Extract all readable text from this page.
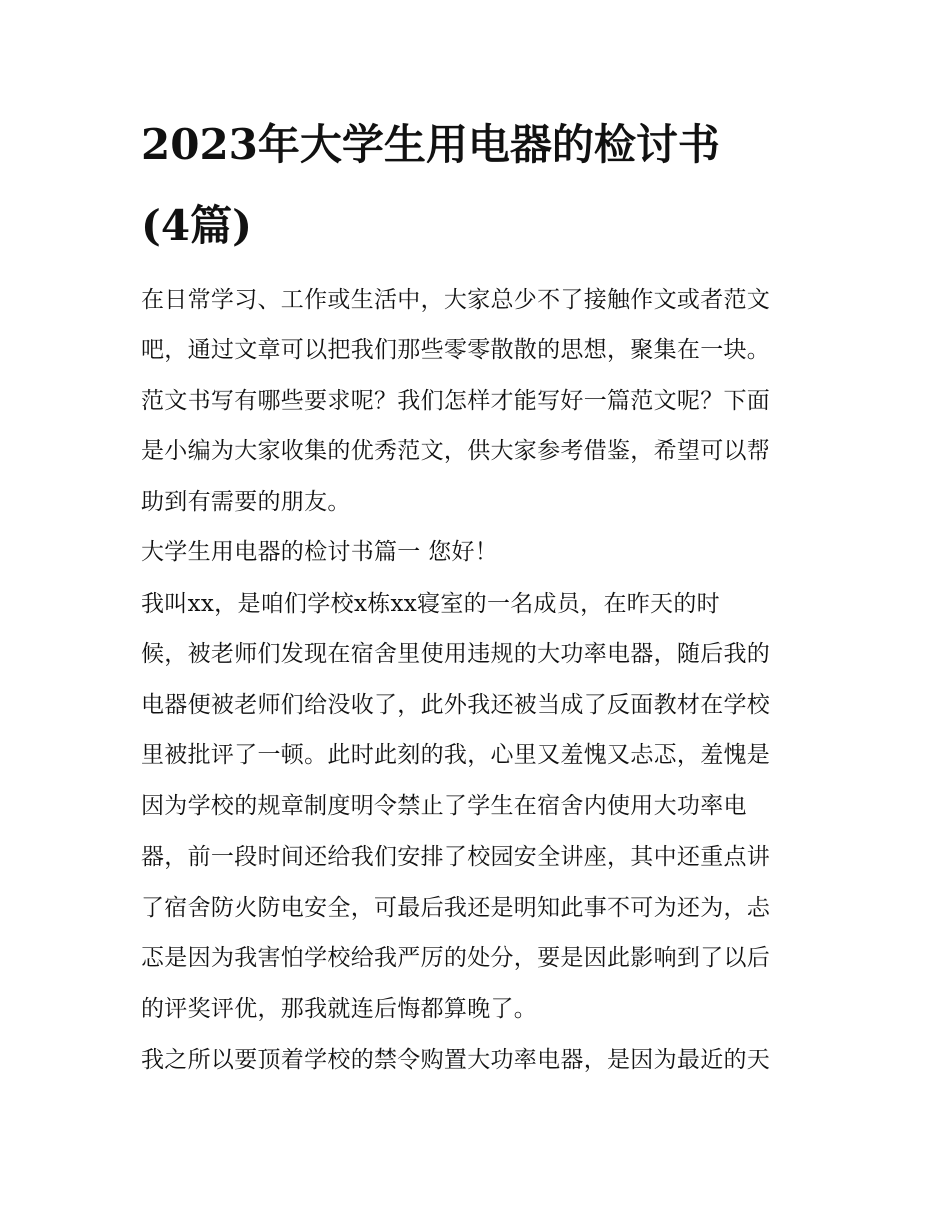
2023年大学生用电器的检讨书
(4篇)
在日常学习、工作或生活中，大家总少不了接触作文或者范文
吧，通过文章可以把我们那些零零散散的思想，聚集在一块。
范文书写有哪些要求呢？我们怎样才能写好一篇范文呢？下面
是小编为大家收集的优秀范文，供大家参考借鉴，希望可以帮
助到有需要的朋友。
大学生用电器的检讨书篇一 您好！
我叫xx，是咱们学校x栋xx寝室的一名成员，在昨天的时
候，被老师们发现在宿舍里使用违规的大功率电器，随后我的
电器便被老师们给没收了，此外我还被当成了反面教材在学校
里被批评了一顿。此时此刻的我，心里又羞愧又忐忑，羞愧是
因为学校的规章制度明令禁止了学生在宿舍内使用大功率电
器，前一段时间还给我们安排了校园安全讲座，其中还重点讲
了宿舍防火防电安全，可最后我还是明知此事不可为还为，忐
忑是因为我害怕学校给我严厉的处分，要是因此影响到了以后
的评奖评优，那我就连后悔都算晚了。
我之所以要顶着学校的禁令购置大功率电器，是因为最近的天
